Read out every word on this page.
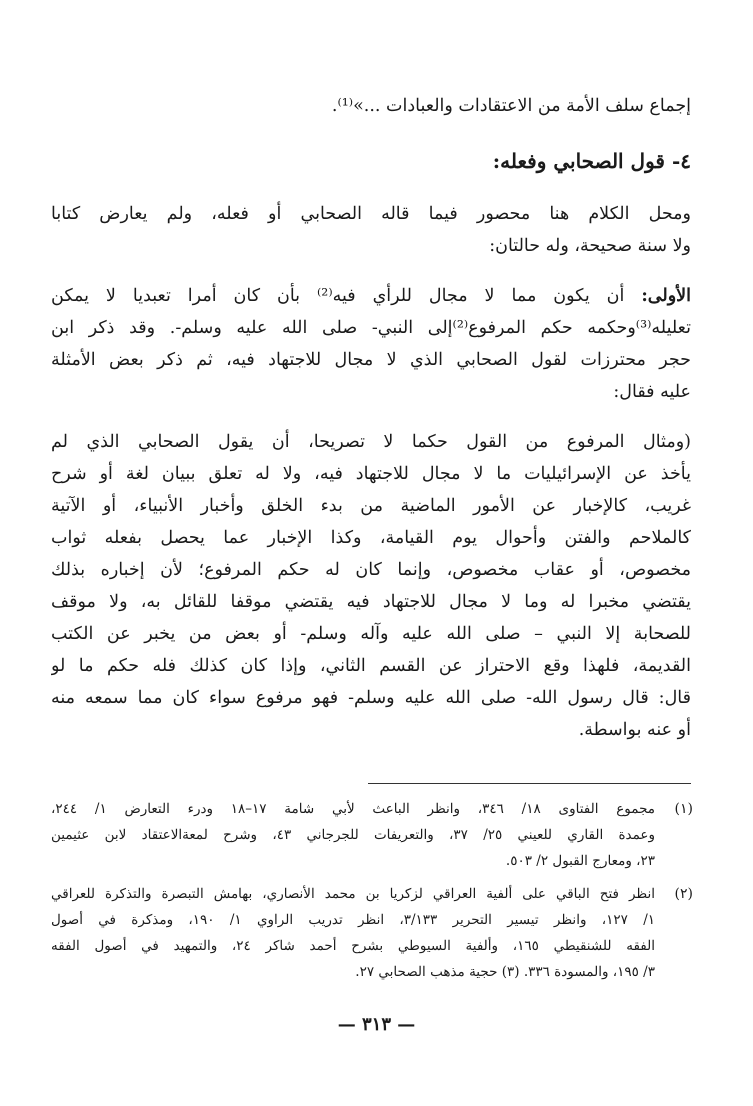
إجماع سلف الأمة من الاعتقادات والعبادات ...»⁽¹⁾.
٤- قول الصحابي وفعله:
ومحل الكلام هنا محصور فيما قاله الصحابي أو فعله، ولم يعارض كتابا
ولا سنة صحيحة، وله حالتان:
الأولى: أن يكون مما لا مجال للرأي فيه⁽²⁾ بأن كان أمرا تعبديا لا يمكن
تعليله⁽³⁾وحكمه حكم المرفوع⁽²⁾إلى النبي- صلى الله عليه وسلم-. وقد ذكر ابن
حجر محترزات لقول الصحابي الذي لا مجال للاجتهاد فيه، ثم ذكر بعض الأمثلة
عليه فقال:
(ومثال المرفوع من القول حكما لا تصريحا، أن يقول الصحابي الذي لم
يأخذ عن الإسرائيليات ما لا مجال للاجتهاد فيه، ولا له تعلق ببيان لغة أو شرح
غريب، كالإخبار عن الأمور الماضية من بدء الخلق وأخبار الأنبياء، أو الآتية
كالملاحم والفتن وأحوال يوم القيامة، وكذا الإخبار عما يحصل بفعله ثواب
مخصوص، أو عقاب مخصوص، وإنما كان له حكم المرفوع؛ لأن إخباره بذلك
يقتضي مخبرا له وما لا مجال للاجتهاد فيه يقتضي موقفا للقائل به، ولا موقف
للصحابة إلا النبي – صلى الله عليه وآله وسلم- أو بعض من يخبر عن الكتب
القديمة، فلهذا وقع الاحتراز عن القسم الثاني، وإذا كان كذلك فله حكم ما لو
قال: قال رسول الله- صلى الله عليه وسلم- فهو مرفوع سواء كان مما سمعه منه
أو عنه بواسطة.
(١)
مجموع الفتاوى ١٨/ ٣٤٦، وانظر الباعث لأبي شامة ١٧–١٨ ودرء التعارض ١/ ٢٤٤،
وعمدة القاري للعيني ٢٥/ ٣٧، والتعريفات للجرجاني ٤٣، وشرح لمعةالاعتقاد لابن عثيمين
٢٣، ومعارج القبول ٢/ ٥٠٣.
(٢)
انظر فتح الباقي على ألفية العراقي لزكريا بن محمد الأنصاري، بهامش التبصرة والتذكرة للعراقي
١/ ١٢٧، وانظر تيسير التحرير ٣/١٣٣، انظر تدريب الراوي ١/ ١٩٠، ومذكرة في أصول
الفقه للشنقيطي ١٦٥، وألفية السيوطي بشرح أحمد شاكر ٢٤، والتمهيد في أصول الفقه
٣/ ١٩٥، والمسودة ٣٣٦. (٣) حجية مذهب الصحابي ٢٧.
— ٣١٣ —
